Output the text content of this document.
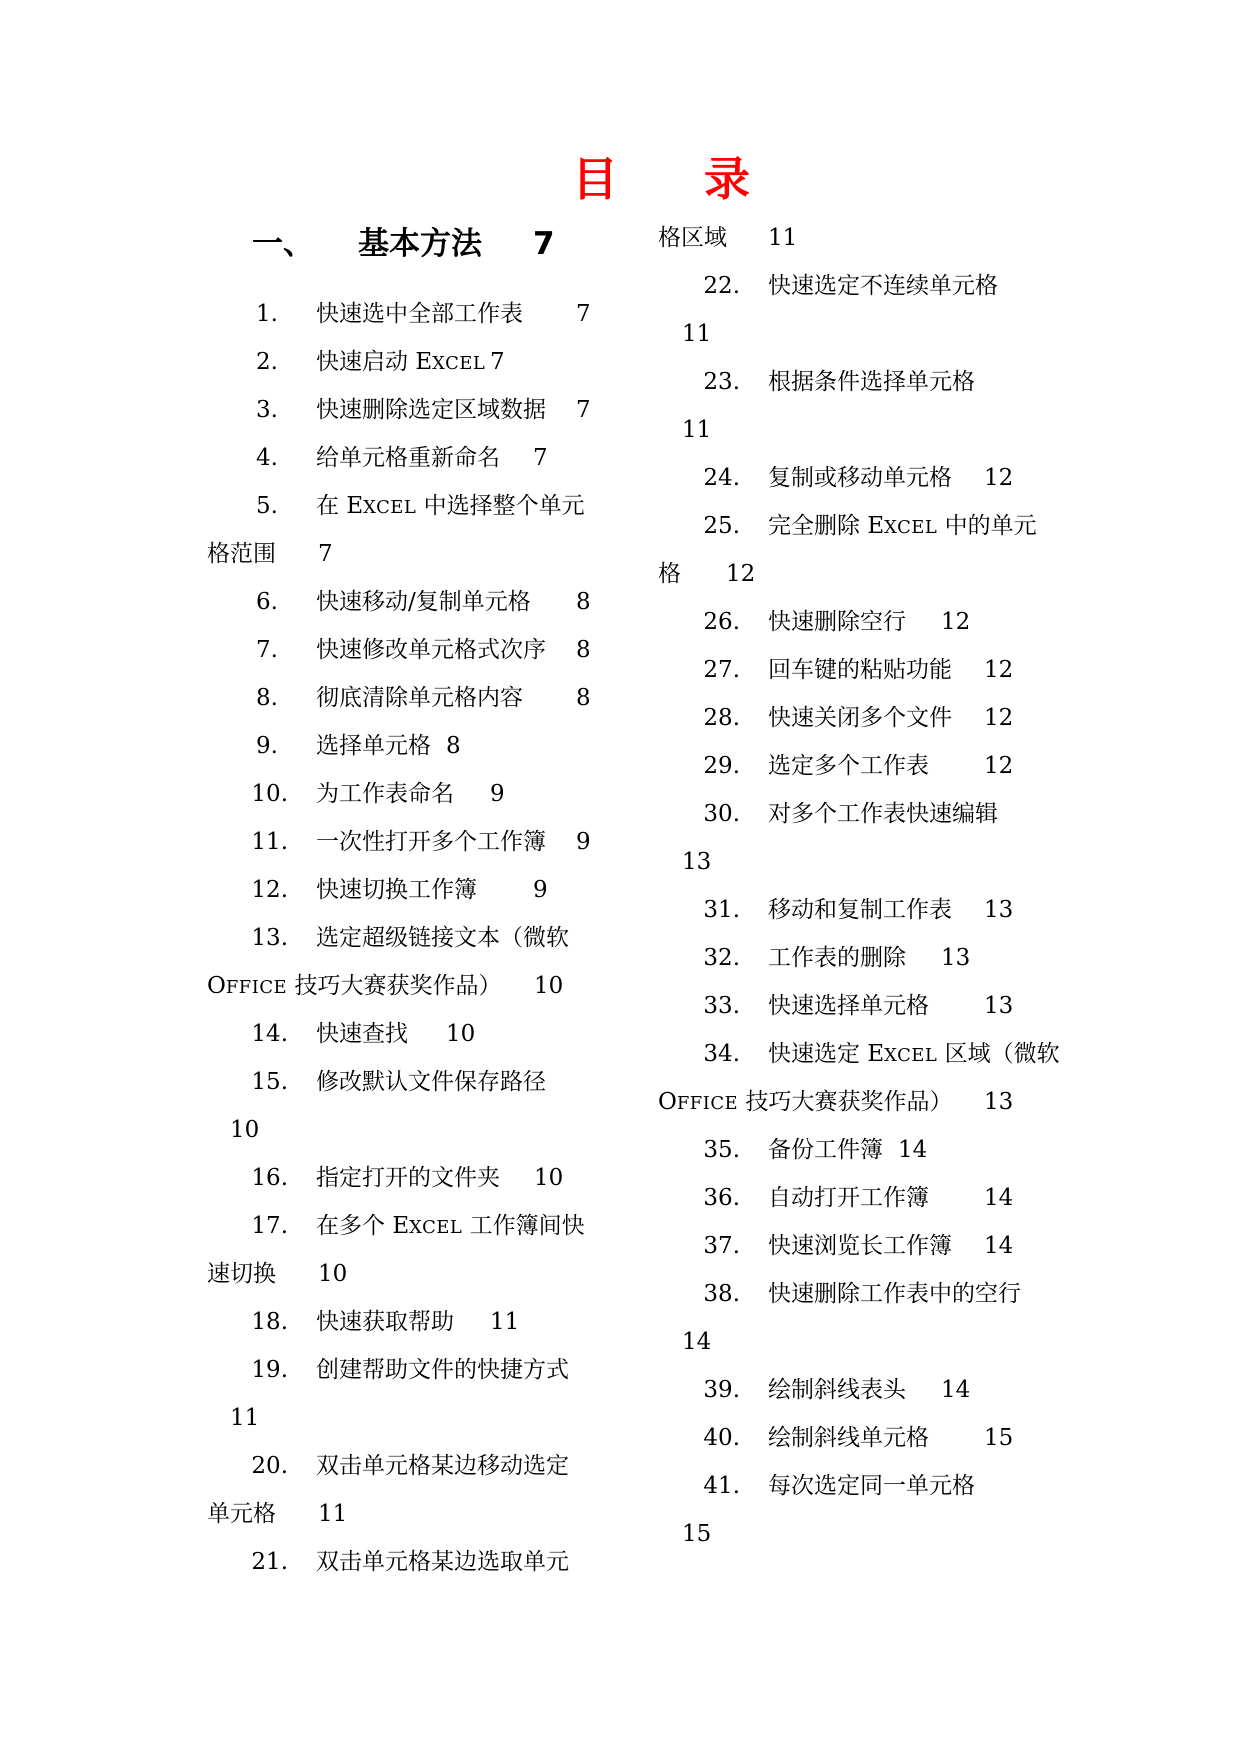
目 录
一、 基本方法 7
1. 快速选中全部工作表 7
2. 快速启动 EXCEL 7
3. 快速删除选定区域数据 7
4. 给单元格重新命名 7
5. 在 EXCEL 中选择整个单元
格范围 7
6. 快速移动/复制单元格 8
7. 快速修改单元格式次序 8
8. 彻底清除单元格内容 8
9. 选择单元格 8
10. 为工作表命名 9
11. 一次性打开多个工作簿 9
12. 快速切换工作簿 9
13. 选定超级链接文本（微软
OFFICE 技巧大赛获奖作品） 10
14. 快速查找 10
15. 修改默认文件保存路径
10
16. 指定打开的文件夹 10
17. 在多个 EXCEL 工作簿间快
速切换 10
18. 快速获取帮助 11
19. 创建帮助文件的快捷方式
11
20. 双击单元格某边移动选定
单元格 11
21. 双击单元格某边选取单元
格区域 11
22. 快速选定不连续单元格
11
23. 根据条件选择单元格
11
24. 复制或移动单元格 12
25. 完全删除 EXCEL 中的单元
格 12
26. 快速删除空行 12
27. 回车键的粘贴功能 12
28. 快速关闭多个文件 12
29. 选定多个工作表 12
30. 对多个工作表快速编辑
13
31. 移动和复制工作表 13
32. 工作表的删除 13
33. 快速选择单元格 13
34. 快速选定 EXCEL 区域（微软
OFFICE 技巧大赛获奖作品） 13
35. 备份工件簿 14
36. 自动打开工作簿 14
37. 快速浏览长工作簿 14
38. 快速删除工作表中的空行
14
39. 绘制斜线表头 14
40. 绘制斜线单元格 15
41. 每次选定同一单元格
15
